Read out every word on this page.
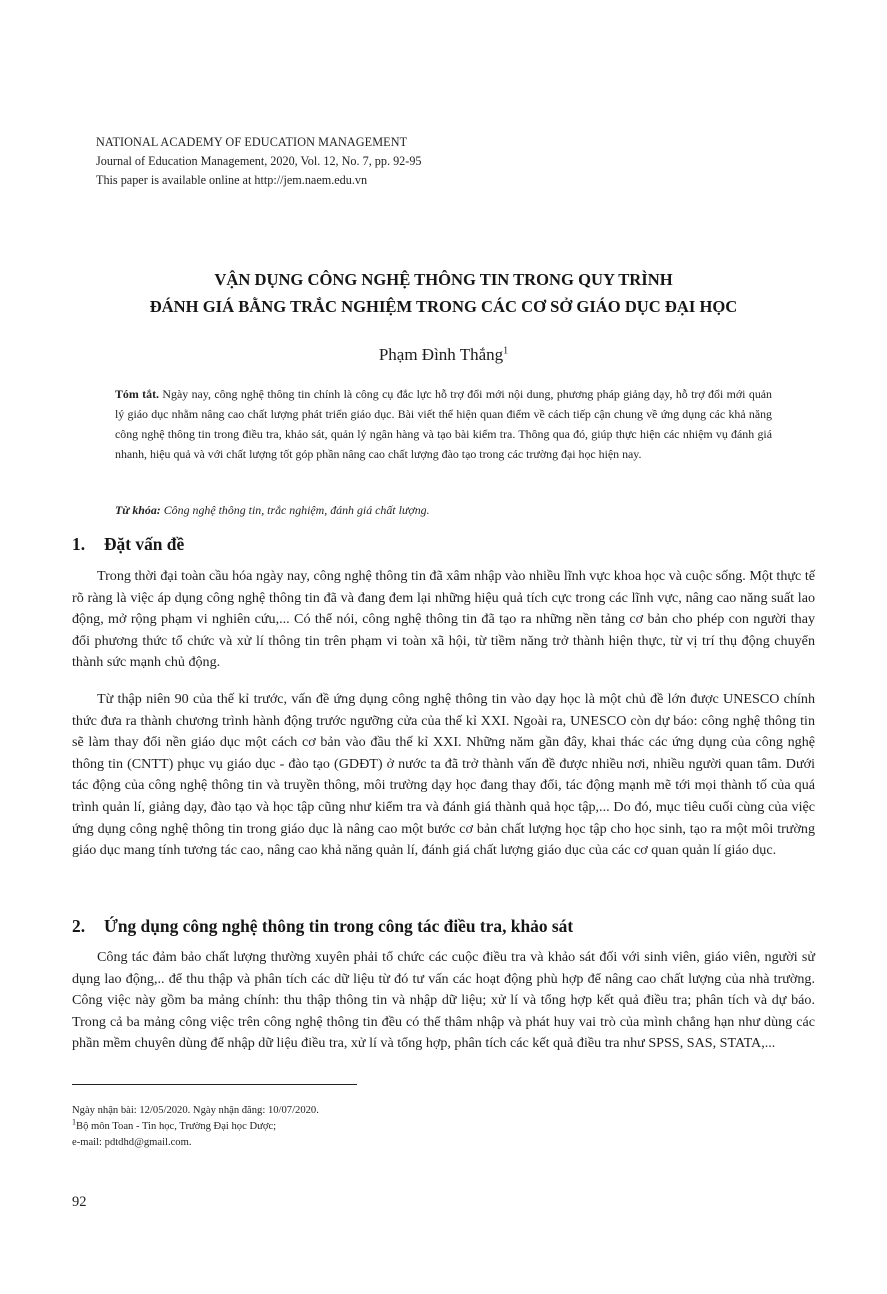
NATIONAL ACADEMY OF EDUCATION MANAGEMENT
Journal of Education Management, 2020, Vol. 12, No. 7, pp. 92-95
This paper is available online at http://jem.naem.edu.vn
VẬN DỤNG CÔNG NGHỆ THÔNG TIN TRONG QUY TRÌNH
ĐÁNH GIÁ BẰNG TRẮC NGHIỆM TRONG CÁC CƠ SỞ GIÁO DỤC ĐẠI HỌC
Phạm Đình Thắng$^1$
Tóm tắt. Ngày nay, công nghệ thông tin chính là công cụ đắc lực hỗ trợ đổi mới nội dung, phương pháp giảng dạy, hỗ trợ đổi mới quản lý giáo dục nhằm nâng cao chất lượng phát triển giáo dục. Bài viết thể hiện quan điểm về cách tiếp cận chung về ứng dụng các khả năng công nghệ thông tin trong điều tra, khảo sát, quản lý ngân hàng và tạo bài kiểm tra. Thông qua đó, giúp thực hiện các nhiệm vụ đánh giá nhanh, hiệu quả và với chất lượng tốt góp phần nâng cao chất lượng đào tạo trong các trường đại học hiện nay.
Từ khóa: Công nghệ thông tin, trắc nghiệm, đánh giá chất lượng.
1. Đặt vấn đề
Trong thời đại toàn cầu hóa ngày nay, công nghệ thông tin đã xâm nhập vào nhiều lĩnh vực khoa học và cuộc sống. Một thực tế rõ ràng là việc áp dụng công nghệ thông tin đã và đang đem lại những hiệu quả tích cực trong các lĩnh vực, nâng cao năng suất lao động, mở rộng phạm vi nghiên cứu,... Có thể nói, công nghệ thông tin đã tạo ra những nền tảng cơ bản cho phép con người thay đổi phương thức tổ chức và xử lí thông tin trên phạm vi toàn xã hội, từ tiềm năng trở thành hiện thực, từ vị trí thụ động chuyển thành sức mạnh chủ động.
Từ thập niên 90 của thế kỉ trước, vấn đề ứng dụng công nghệ thông tin vào dạy học là một chủ đề lớn được UNESCO chính thức đưa ra thành chương trình hành động trước ngưỡng cửa của thế kỉ XXI. Ngoài ra, UNESCO còn dự báo: công nghệ thông tin sẽ làm thay đổi nền giáo dục một cách cơ bản vào đầu thế kỉ XXI. Những năm gần đây, khai thác các ứng dụng của công nghệ thông tin (CNTT) phục vụ giáo dục - đào tạo (GDĐT) ở nước ta đã trở thành vấn đề được nhiều nơi, nhiều người quan tâm. Dưới tác động của công nghệ thông tin và truyền thông, môi trường dạy học đang thay đổi, tác động mạnh mẽ tới mọi thành tố của quá trình quản lí, giảng dạy, đào tạo và học tập cũng như kiểm tra và đánh giá thành quả học tập,... Do đó, mục tiêu cuối cùng của việc ứng dụng công nghệ thông tin trong giáo dục là nâng cao một bước cơ bản chất lượng học tập cho học sinh, tạo ra một môi trường giáo dục mang tính tương tác cao, nâng cao khả năng quản lí, đánh giá chất lượng giáo dục của các cơ quan quản lí giáo dục.
2. Ứng dụng công nghệ thông tin trong công tác điều tra, khảo sát
Công tác đảm bảo chất lượng thường xuyên phải tổ chức các cuộc điều tra và khảo sát đối với sinh viên, giáo viên, người sử dụng lao động,.. để thu thập và phân tích các dữ liệu từ đó tư vấn các hoạt động phù hợp để nâng cao chất lượng của nhà trường. Công việc này gồm ba mảng chính: thu thập thông tin và nhập dữ liệu; xử lí và tổng hợp kết quả điều tra; phân tích và dự báo. Trong cả ba mảng công việc trên công nghệ thông tin đều có thể thâm nhập và phát huy vai trò của mình chẳng hạn như dùng các phần mềm chuyên dùng để nhập dữ liệu điều tra, xử lí và tổng hợp, phân tích các kết quả điều tra như SPSS, SAS, STATA,...
Ngày nhận bài: 12/05/2020. Ngày nhận đăng: 10/07/2020.
$^1$Bộ môn Toan - Tin học, Trường Đại học Dược;
e-mail: pdtdhd@gmail.com.
92
